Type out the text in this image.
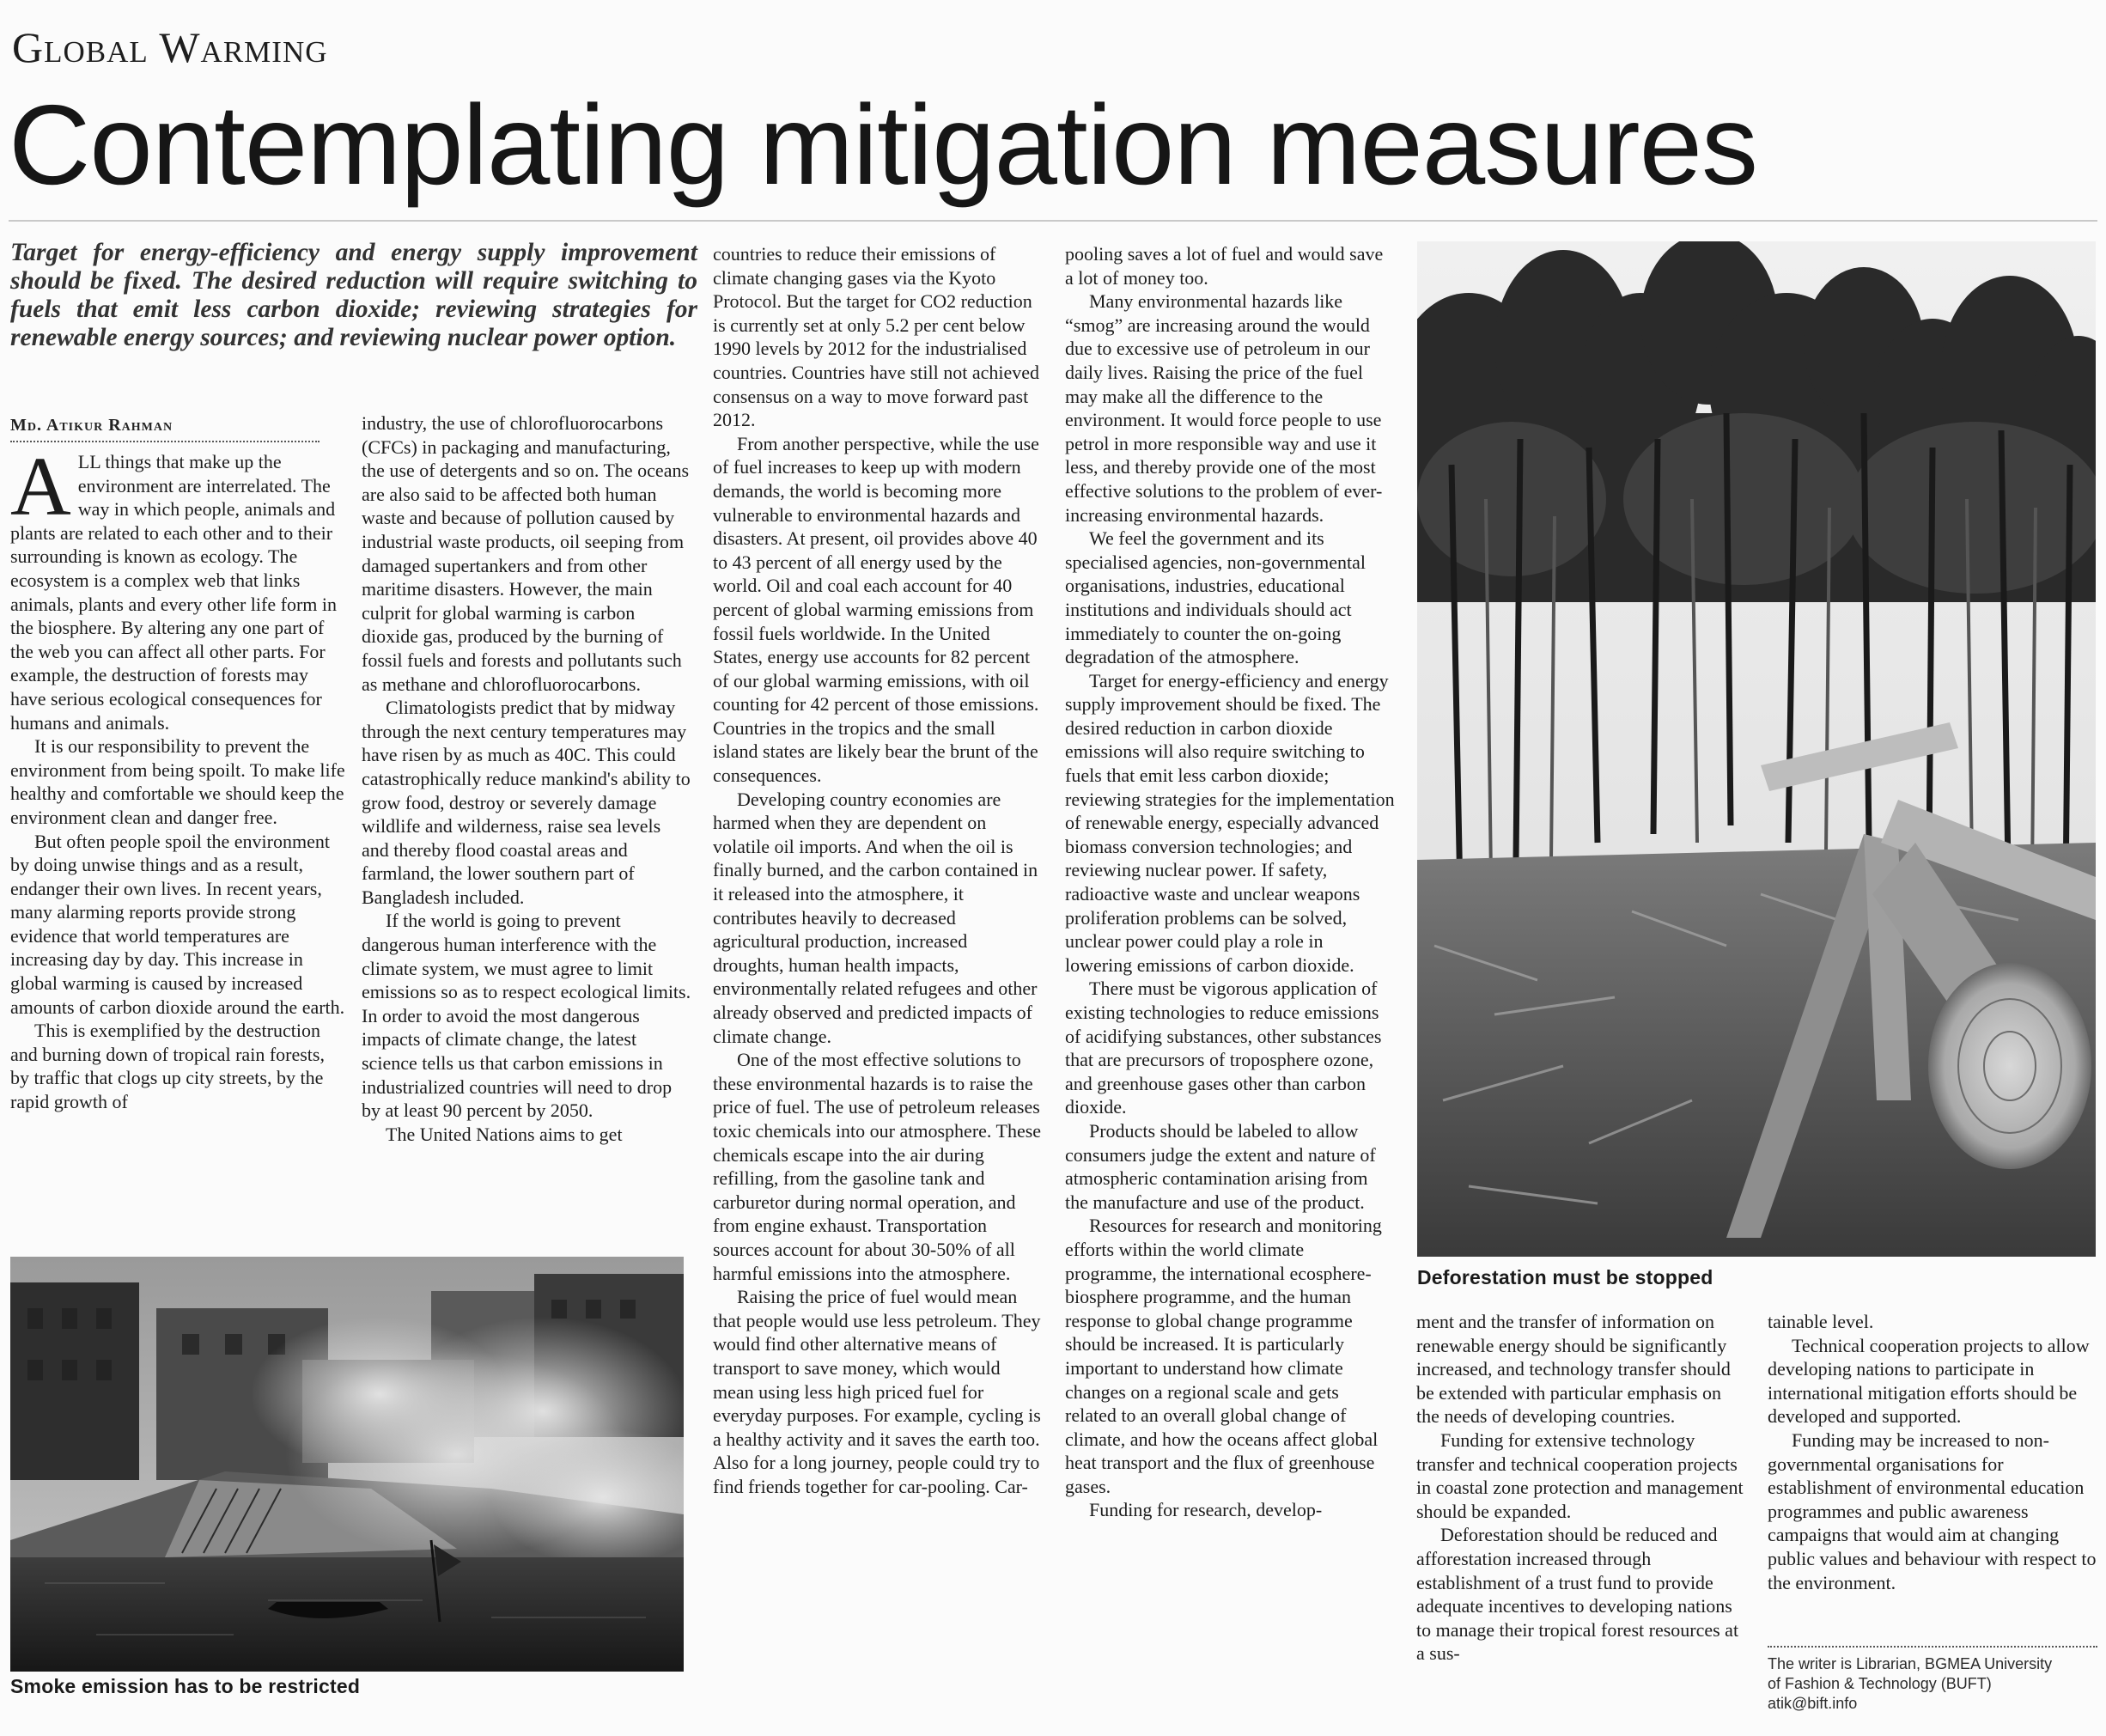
Global Warming
Contemplating mitigation measures
Target for energy-efficiency and energy supply improvement should be fixed. The desired reduction will require switching to fuels that emit less carbon dioxide; reviewing strategies for renewable energy sources; and reviewing nuclear power option.
Md. Atikur Rahman

ALL things that make up the environment are interrelated. The way in which people, animals and plants are related to each other and to their surrounding is known as ecology. The ecosystem is a complex web that links animals, plants and every other life form in the biosphere. By altering any one part of the web you can affect all other parts. For example, the destruction of forests may have serious ecological consequences for humans and animals.

It is our responsibility to prevent the environment from being spoilt. To make life healthy and comfortable we should keep the environment clean and danger free.

But often people spoil the environment by doing unwise things and as a result, endanger their own lives. In recent years, many alarming reports provide strong evidence that world temperatures are increasing day by day. This increase in global warming is caused by increased amounts of carbon dioxide around the earth.

This is exemplified by the destruction and burning down of tropical rain forests, by traffic that clogs up city streets, by the rapid growth of

industry, the use of chlorofluorocarbons (CFCs) in packaging and manufacturing, the use of detergents and so on. The oceans are also said to be affected both human waste and because of pollution caused by industrial waste products, oil seeping from damaged supertankers and from other maritime disasters. However, the main culprit for global warming is carbon dioxide gas, produced by the burning of fossil fuels and forests and pollutants such as methane and chlorofluorocarbons.

Climatologists predict that by midway through the next century temperatures may have risen by as much as 40C. This could catastrophically reduce mankind's ability to grow food, destroy or severely damage wildlife and wilderness, raise sea levels and thereby flood coastal areas and farmland, the lower southern part of Bangladesh included.

If the world is going to prevent dangerous human interference with the climate system, we must agree to limit emissions so as to respect ecological limits. In order to avoid the most dangerous impacts of climate change, the latest science tells us that carbon emissions in industrialized countries will need to drop by at least 90 percent by 2050.

The United Nations aims to get

countries to reduce their emissions of climate changing gases via the Kyoto Protocol. But the target for CO2 reduction is currently set at only 5.2 per cent below 1990 levels by 2012 for the industrialised countries. Countries have still not achieved consensus on a way to move forward past 2012.

From another perspective, while the use of fuel increases to keep up with modern demands, the world is becoming more vulnerable to environmental hazards and disasters. At present, oil provides above 40 to 43 percent of all energy used by the world. Oil and coal each account for 40 percent of global warming emissions from fossil fuels worldwide. In the United States, energy use accounts for 82 percent of our global warming emissions, with oil counting for 42 percent of those emissions. Countries in the tropics and the small island states are likely bear the brunt of the consequences.

Developing country economies are harmed when they are dependent on volatile oil imports. And when the oil is finally burned, and the carbon contained in it released into the atmosphere, it contributes heavily to decreased agricultural production, increased droughts, human health impacts, environmentally related refugees and other already observed and predicted impacts of climate change.

One of the most effective solutions to these environmental hazards is to raise the price of fuel. The use of petroleum releases toxic chemicals into our atmosphere. These chemicals escape into the air during refilling, from the gasoline tank and carburetor during normal operation, and from engine exhaust. Transportation sources account for about 30-50% of all harmful emissions into the atmosphere.

Raising the price of fuel would mean that people would use less petroleum. They would find other alternative means of transport to save money, which would mean using less high priced fuel for everyday purposes. For example, cycling is a healthy activity and it saves the earth too. Also for a long journey, people could try to find friends together for car-pooling. Car-

pooling saves a lot of fuel and would save a lot of money too.

Many environmental hazards like “smog” are increasing around the would due to excessive use of petroleum in our daily lives. Raising the price of the fuel may make all the difference to the environment. It would force people to use petrol in more responsible way and use it less, and thereby provide one of the most effective solutions to the problem of ever-increasing environmental hazards.

We feel the government and its specialised agencies, non-governmental organisations, industries, educational institutions and individuals should act immediately to counter the on-going degradation of the atmosphere.

Target for energy-efficiency and energy supply improvement should be fixed. The desired reduction in carbon dioxide emissions will also require switching to fuels that emit less carbon dioxide; reviewing strategies for the implementation of renewable energy, especially advanced biomass conversion technologies; and reviewing nuclear power. If safety, radioactive waste and unclear weapons proliferation problems can be solved, unclear power could play a role in lowering emissions of carbon dioxide.

There must be vigorous application of existing technologies to reduce emissions of acidifying substances, other substances that are precursors of troposphere ozone, and greenhouse gases other than carbon dioxide.

Products should be labeled to allow consumers judge the extent and nature of atmospheric contamination arising from the manufacture and use of the product.

Resources for research and monitoring efforts within the world climate programme, the international ecosphere-biosphere programme, and the human response to global change programme should be increased. It is particularly important to understand how climate changes on a regional scale and gets related to an overall global change of climate, and how the oceans affect global heat transport and the flux of greenhouse gases.

Funding for research, develop-

ment and the transfer of information on renewable energy should be significantly increased, and technology transfer should be extended with particular emphasis on the needs of developing countries.

Funding for extensive technology transfer and technical cooperation projects in coastal zone protection and management should be expanded.

Deforestation should be reduced and afforestation increased through establishment of a trust fund to provide adequate incentives to developing nations to manage their tropical forest resources at a sus-

tainable level.

Technical cooperation projects to allow developing nations to participate in international mitigation efforts should be developed and supported.

Funding may be increased to non-governmental organisations for establishment of environmental education programmes and public awareness campaigns that would aim at changing public values and behaviour with respect to the environment.

Smoke emission has to be restricted
Deforestation must be stopped
The writer is Librarian, BGMEA University
of Fashion & Technology (BUFT)
atik@bift.info
